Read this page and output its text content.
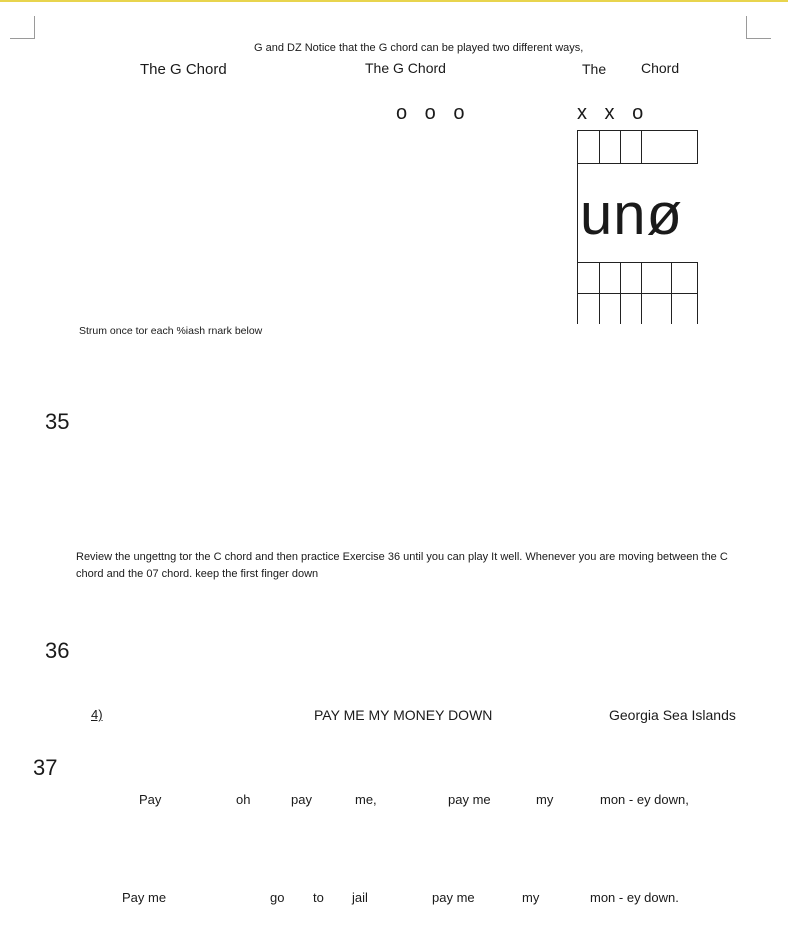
G and DZ Notice that the G chord can be played two different ways,
The G Chord	The G Chord	The Chord
o o o	x x o
unø
Strum once tor each %iash rnark below
35
Review the ungettng tor the C chord and then practice Exercise 36 until you can play It well. Whenever you are moving between the C chord and the 07 chord. keep the first finger down
36
4)	PAY ME MY MONEY DOWN	Georgia Sea Islands
37
Pay	oh	pay	me,	pay me	my	mon - ey down,
Pay me	go to jail	pay me	my	mon - ey down.
